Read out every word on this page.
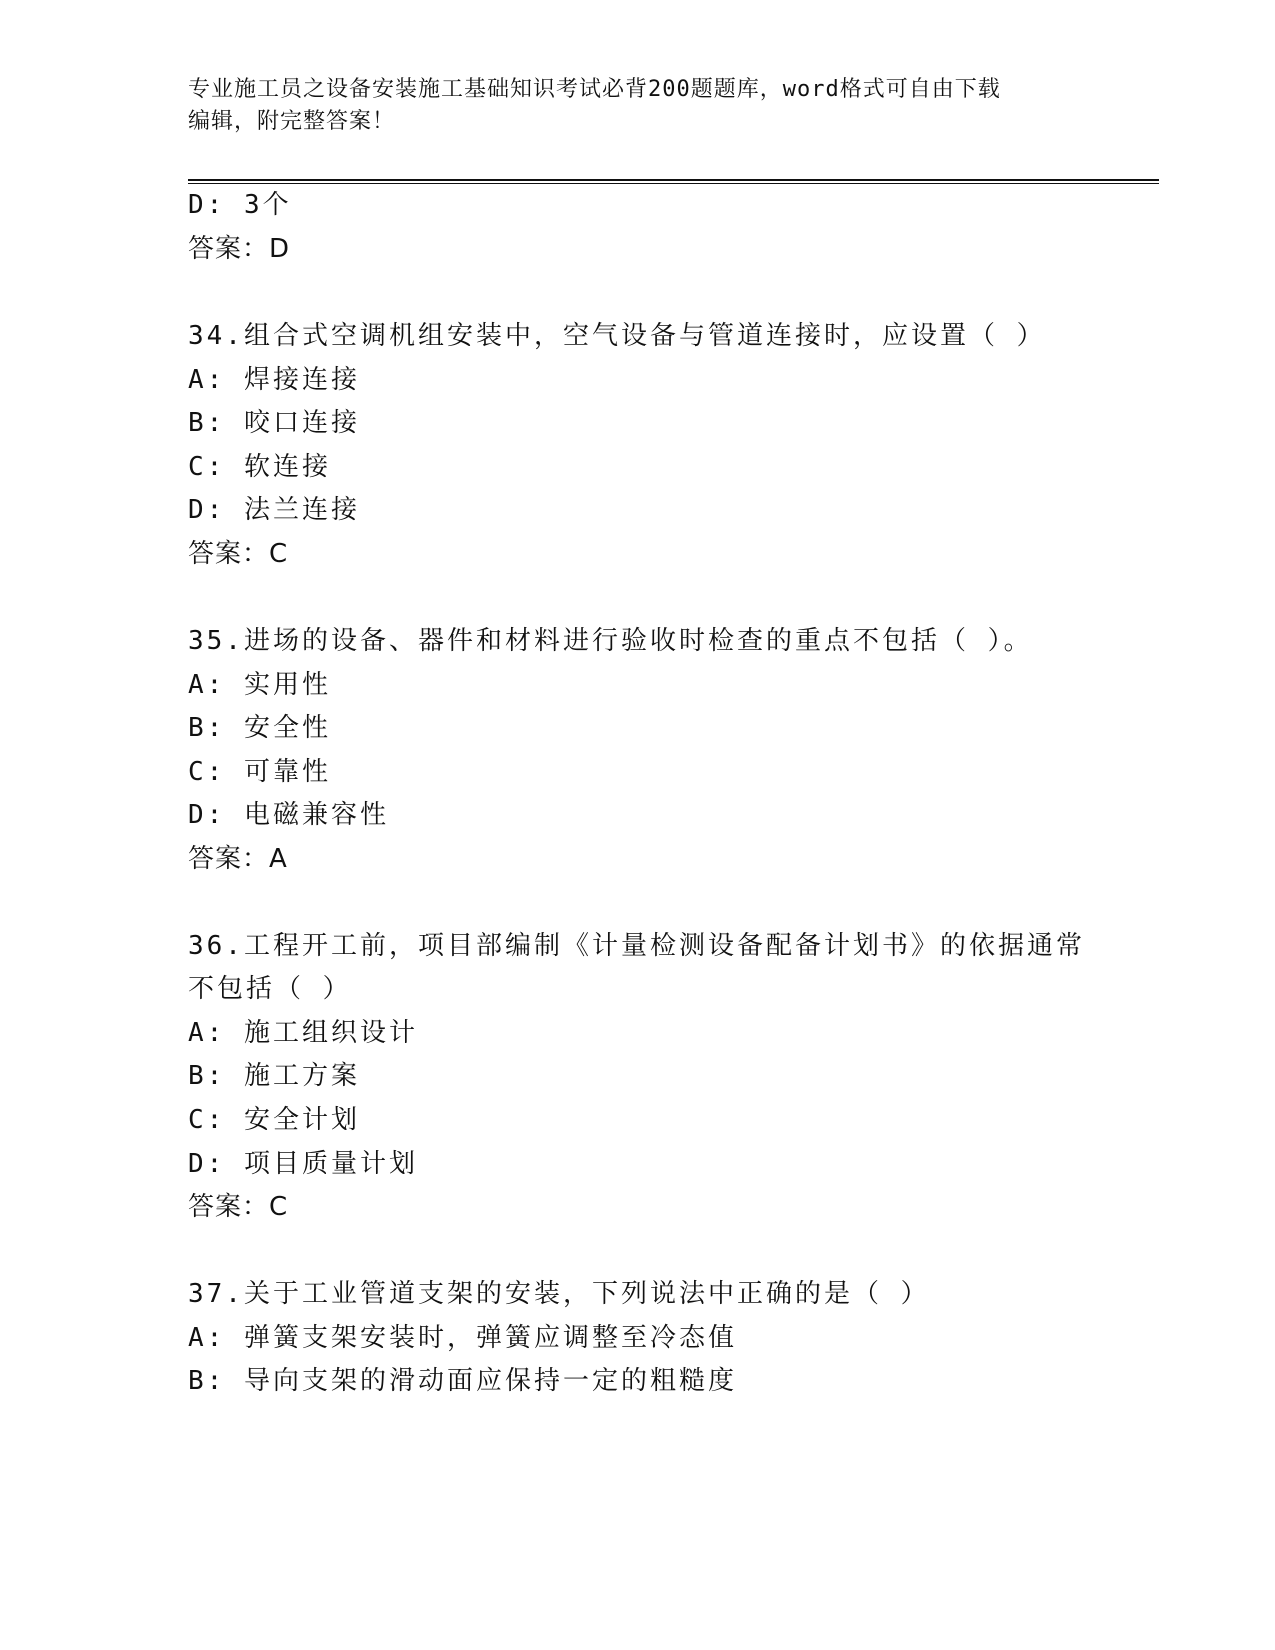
专业施工员之设备安装施工基础知识考试必背200题题库，word格式可自由下载
编辑，附完整答案！
D: 3个
答案：D
34.组合式空调机组安装中，空气设备与管道连接时，应设置（ ）
A: 焊接连接
B: 咬口连接
C: 软连接
D: 法兰连接
答案：C
35.进场的设备、器件和材料进行验收时检查的重点不包括（ ）。
A: 实用性
B: 安全性
C: 可靠性
D: 电磁兼容性
答案：A
36.工程开工前，项目部编制《计量检测设备配备计划书》的依据通常
不包括（ ）
A: 施工组织设计
B: 施工方案
C: 安全计划
D: 项目质量计划
答案：C
37.关于工业管道支架的安装，下列说法中正确的是（ ）
A: 弹簧支架安装时，弹簧应调整至冷态值
B: 导向支架的滑动面应保持一定的粗糙度
